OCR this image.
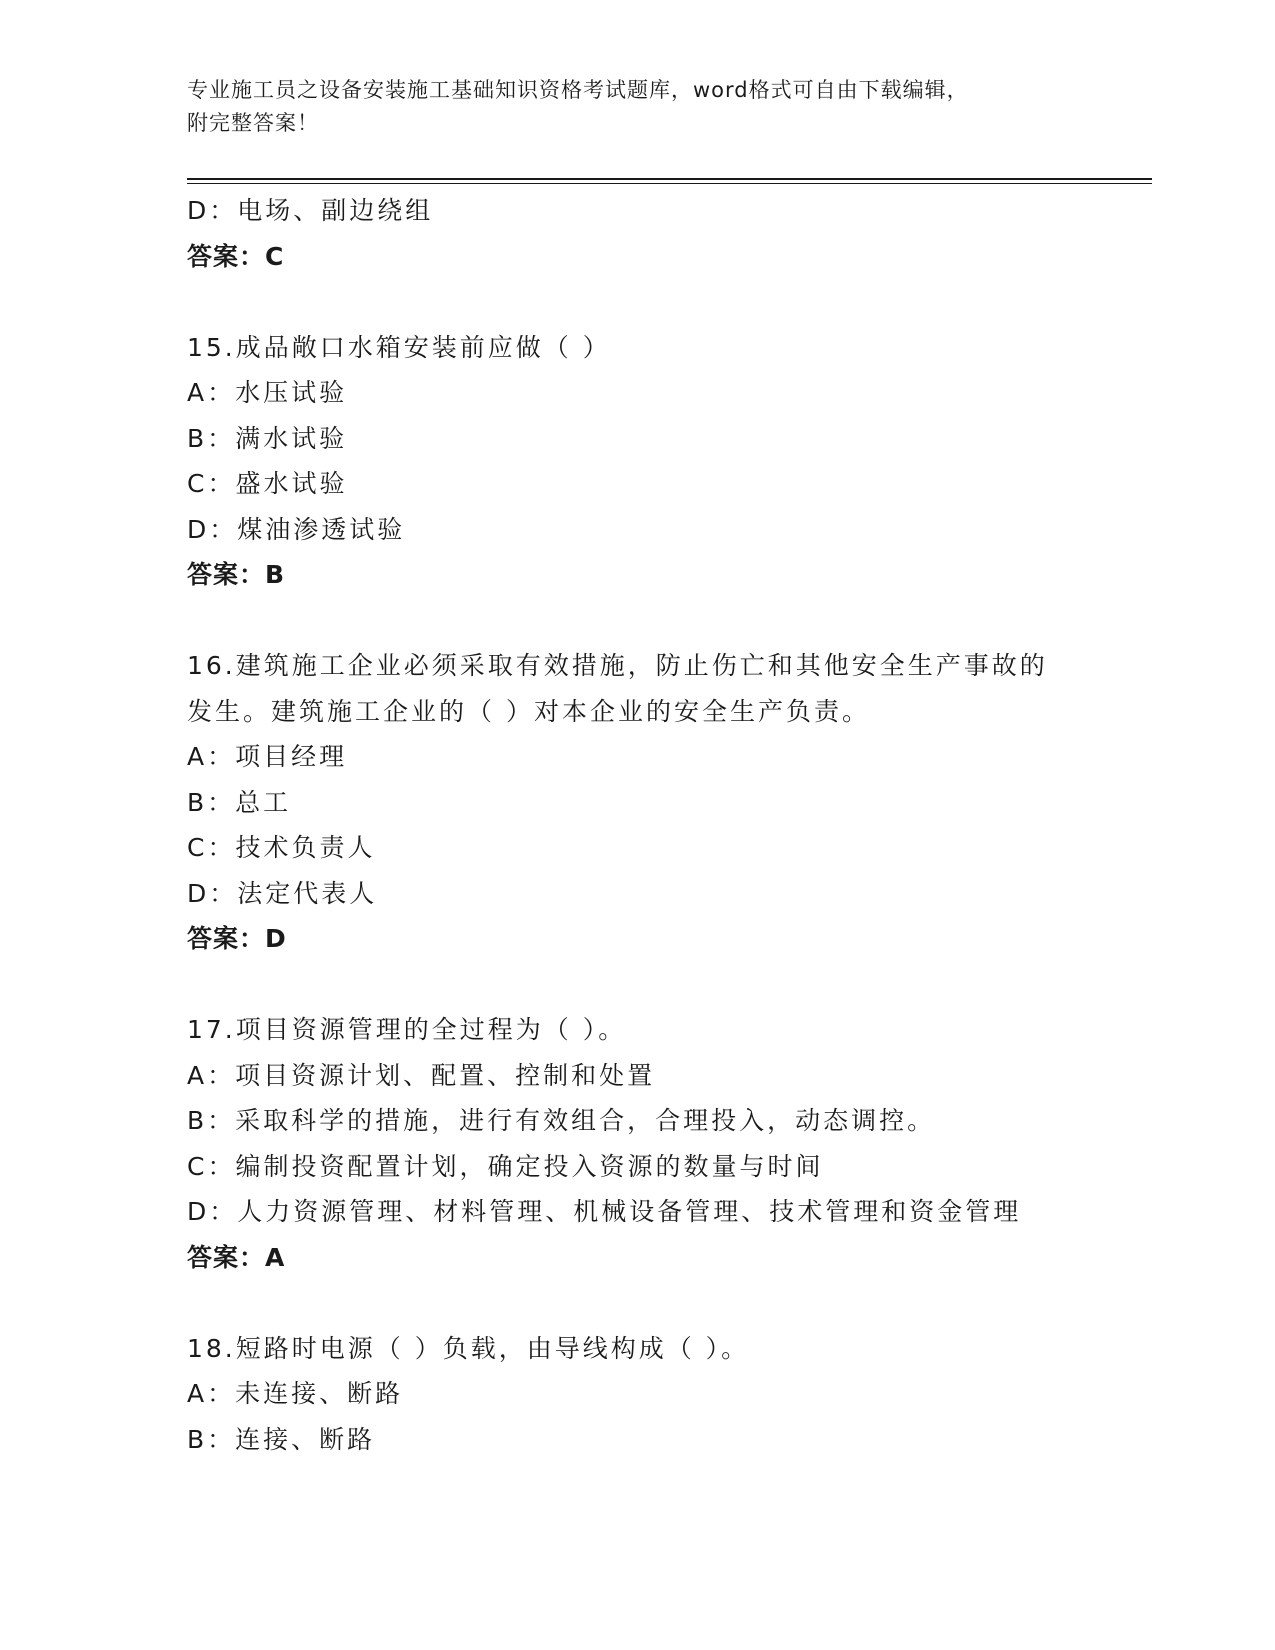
专业施工员之设备安装施工基础知识资格考试题库，word格式可自由下载编辑，
附完整答案！
D：电场、副边绕组
答案：C
15.成品敞口水箱安装前应做（ ）
A：水压试验
B：满水试验
C：盛水试验
D：煤油渗透试验
答案：B
16.建筑施工企业必须采取有效措施，防止伤亡和其他安全生产事故的
发生。建筑施工企业的（ ）对本企业的安全生产负责。
A：项目经理
B：总工
C：技术负责人
D：法定代表人
答案：D
17.项目资源管理的全过程为（ ）。
A：项目资源计划、配置、控制和处置
B：采取科学的措施，进行有效组合，合理投入，动态调控。
C：编制投资配置计划，确定投入资源的数量与时间
D：人力资源管理、材料管理、机械设备管理、技术管理和资金管理
答案：A
18.短路时电源（ ）负载，由导线构成（ ）。
A：未连接、断路
B：连接、断路
